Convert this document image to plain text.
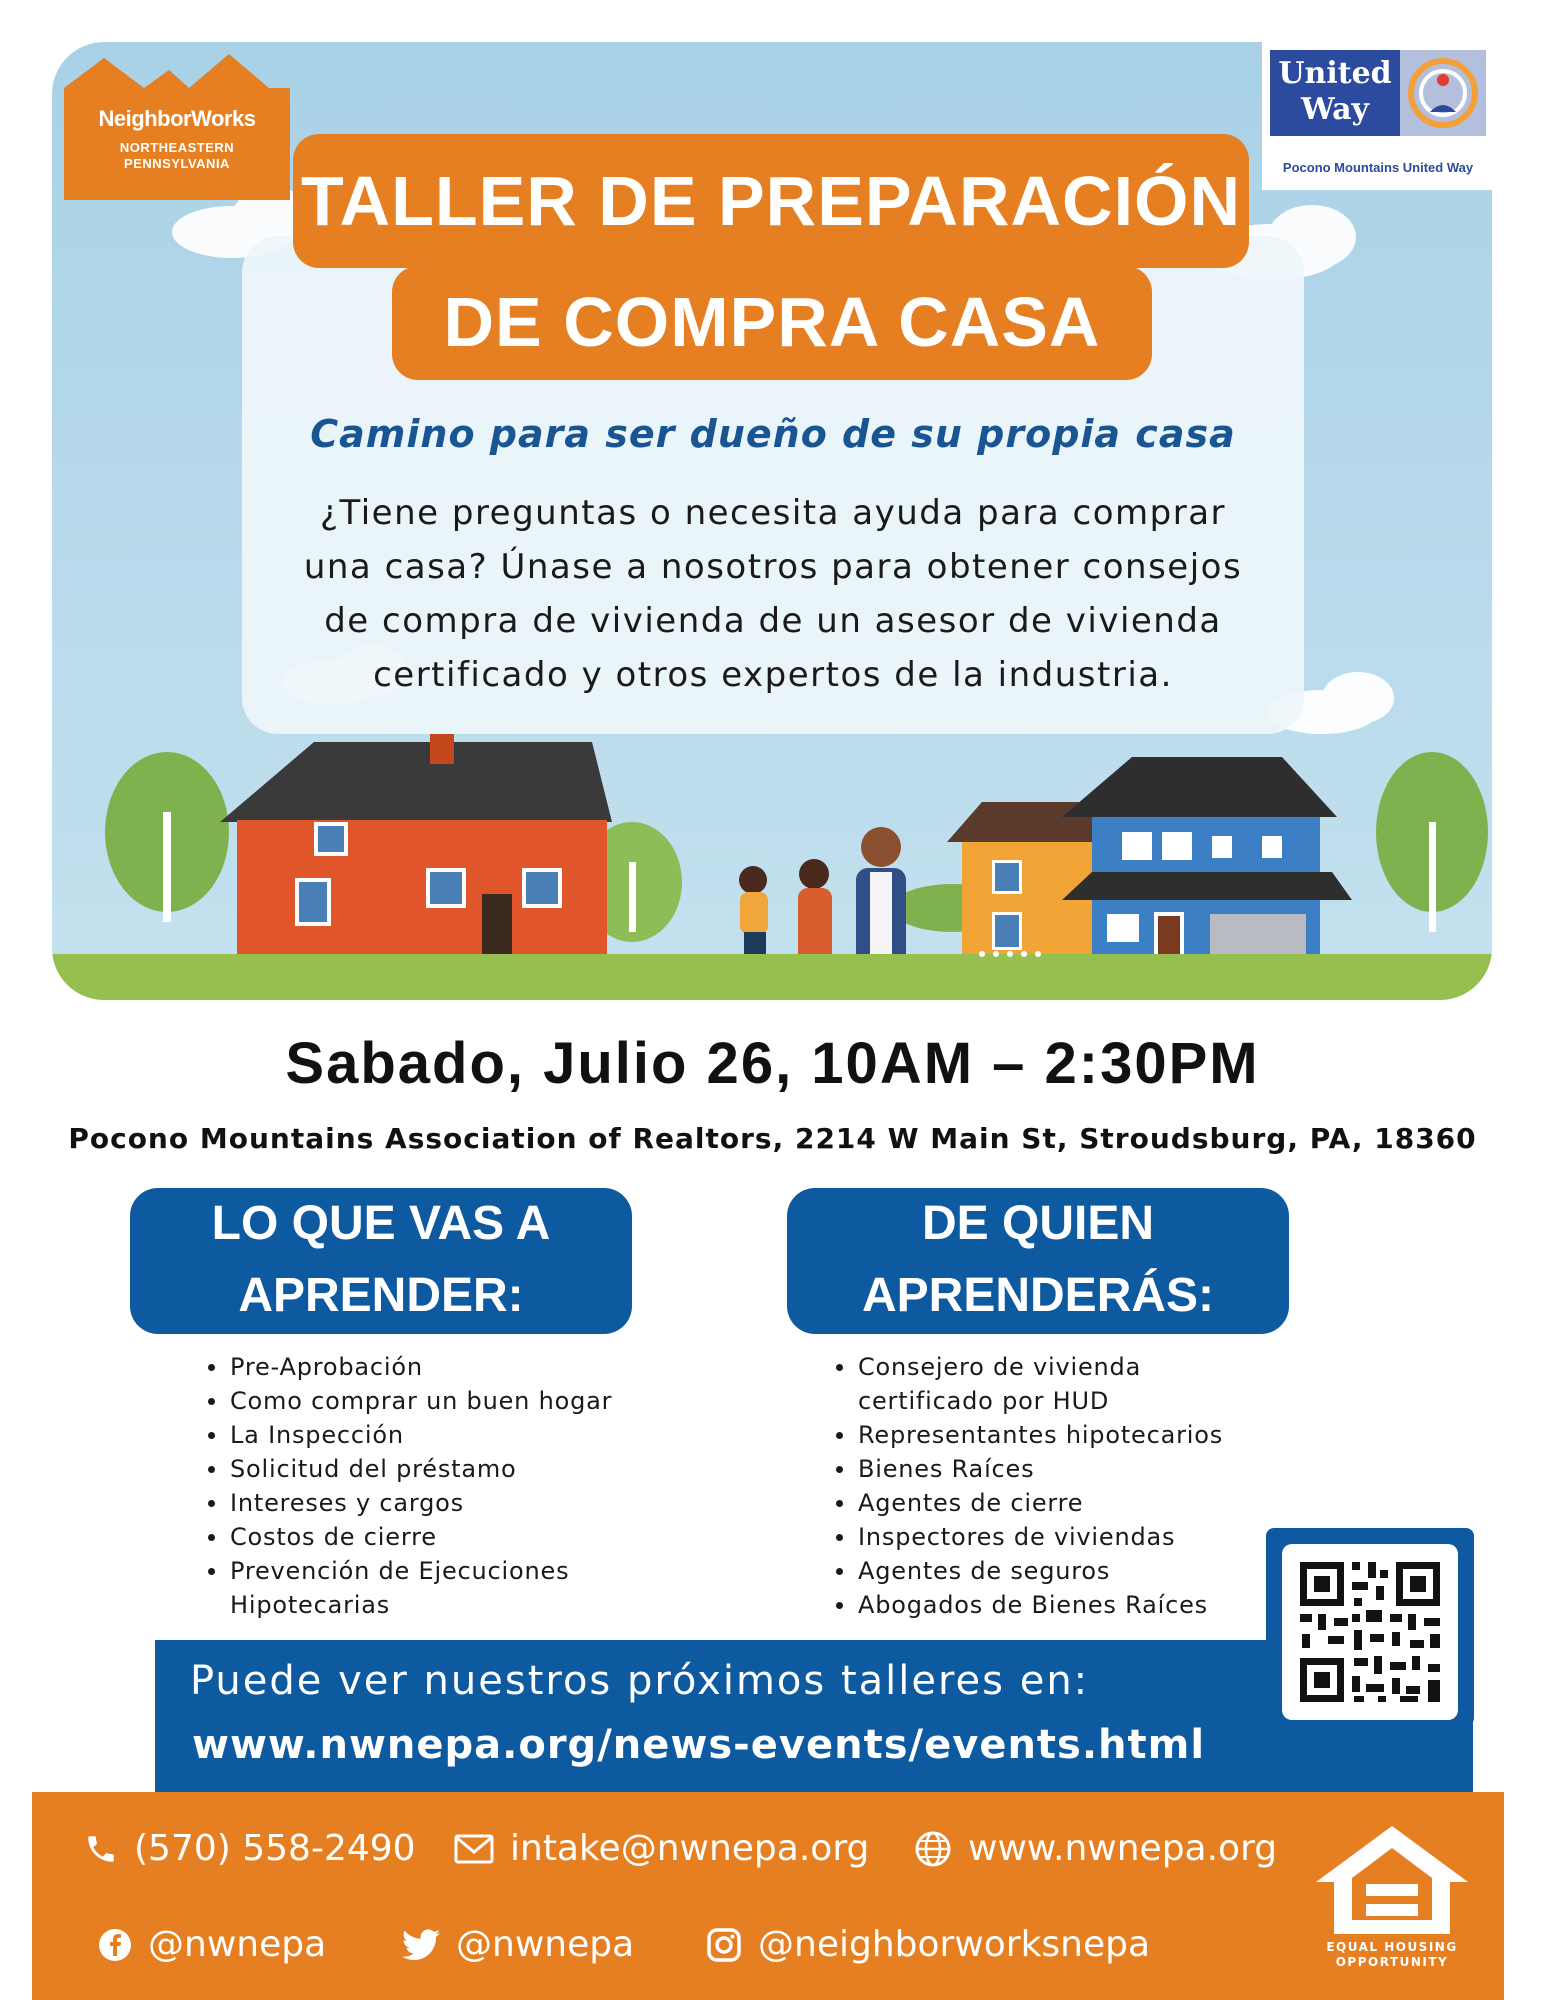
NeighborWorks
NORTHEASTERN
PENNSYLVANIA
United
Way
Pocono Mountains United Way
TALLER DE PREPARACIÓN
DE COMPRA CASA
Camino para ser dueño de su propia casa
¿Tiene preguntas o necesita ayuda para comprar
una casa? Únase a nosotros para obtener consejos
de compra de vivienda de un asesor de vivienda
certificado y otros expertos de la industria.
Sabado, Julio 26, 10AM – 2:30PM
Pocono Mountains Association of Realtors, 2214 W Main St, Stroudsburg, PA, 18360
LO QUE VAS A
APRENDER:
DE QUIEN
APRENDERÁS:
Pre-Aprobación
Como comprar un buen hogar
La Inspección
Solicitud del préstamo
Intereses y cargos
Costos de cierre
Prevención de Ejecuciones Hipotecarias
Consejero de vivienda certificado por HUD
Representantes hipotecarios
Bienes Raíces
Agentes de cierre
Inspectores de viviendas
Agentes de seguros
Abogados de Bienes Raíces
Puede ver nuestros próximos talleres en:
www.nwnepa.org/news-events/events.html
(570) 558-2490	intake@nwnepa.org	www.nwnepa.org
@nwnepa	@nwnepa	@neighborworksnepa	EQUAL HOUSING
OPPORTUNITY
